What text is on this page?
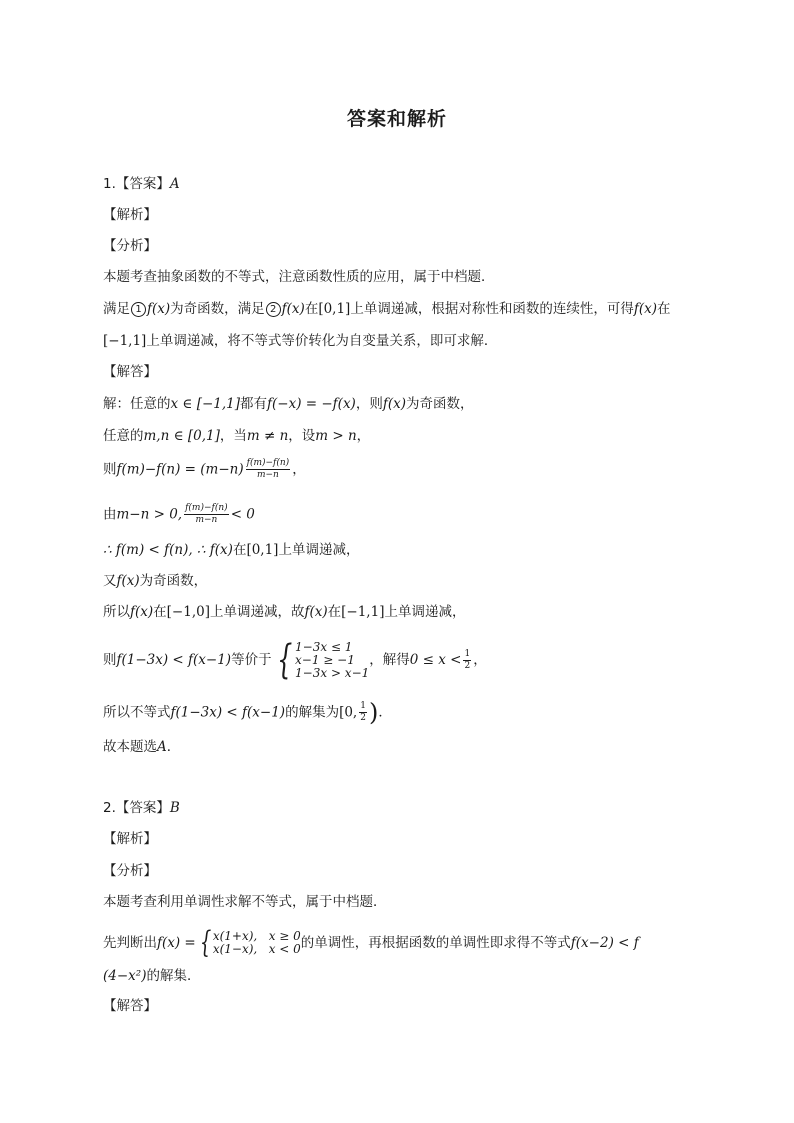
答案和解析
1.【答案】A
【解析】
【分析】
本题考查抽象函数的不等式，注意函数性质的应用，属于中档题．
满足 1 f(x)为奇函数，满足 2 f(x)在[0,1]上单调递减，根据对称性和函数的连续性，可得f(x)在
[−1,1]上单调递减，将不等式等价转化为自变量关系，即可求解．
【解答】
解：任意的x ∈ [−1,1]都有f(−x) = −f(x)，则f(x)为奇函数，
任意的m,n ∈ [0,1]，当m ≠ n，设m > n，
则$f(m)-f(n) = (m-n) \frac{f(m)-f(n)}{m-n}$ ，
由m−n > 0, $\frac{f(m)-f(n)}{m-n} < 0$
∴ f(m) < f(n), ∴ f(x)在[0,1]上单调递减，
又f(x)为奇函数，
所以f(x)在[−1,0]上单调递减，故f(x)在[−1,1]上单调递减，
则f(1−3x) < f(x−1)等价于 { 1−3x ≤ 1
x−1 ≥ −1
1−3x > x−1
，解得$0 \le x < \frac{1}{2}$ ，
所以不等式f(1−3x) < f(x−1)的解集为[0, $\frac{1}{2}$ )．
故本题选A．
2.【答案】B
【解析】
【分析】
本题考查利用单调性求解不等式，属于中档题．
先判断出f(x) = { x(1+x), x ≥ 0
x(1−x), x < 0 的单调性，再根据函数的单调性即求得不等式f(x−2) < f
(4−x²)的解集．
【解答】
